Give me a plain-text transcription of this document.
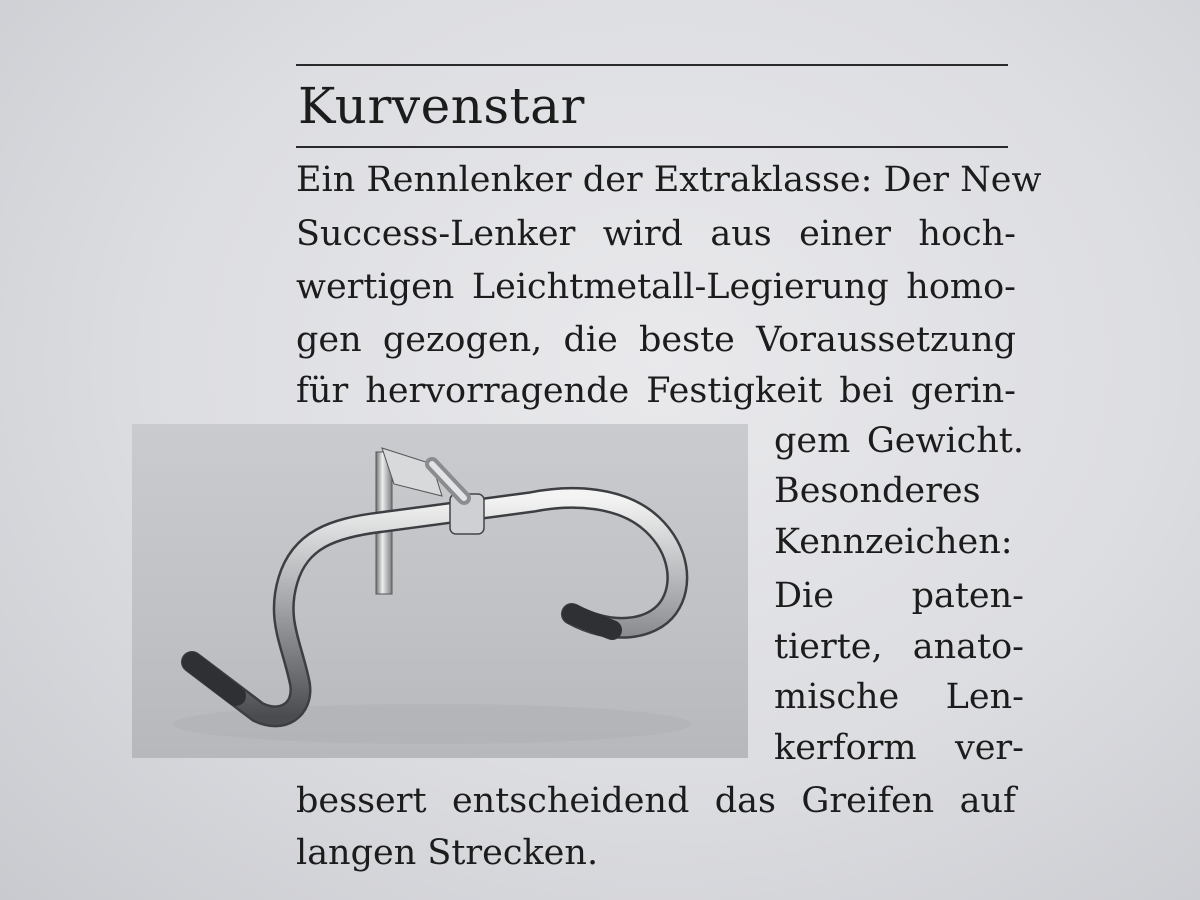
Kurvenstar
Ein Rennlenker der Extraklasse: Der New
Success-Lenker wird aus einer hoch-
wertigen Leichtmetall-Legierung homo-
gen gezogen, die beste Voraussetzung
für hervorragende Festigkeit bei gerin-
gem Gewicht.
Besonderes
Kennzeichen:
Die paten-
tierte, anato-
mische Len-
kerform ver-
bessert entscheidend das Greifen auf
langen Strecken.
